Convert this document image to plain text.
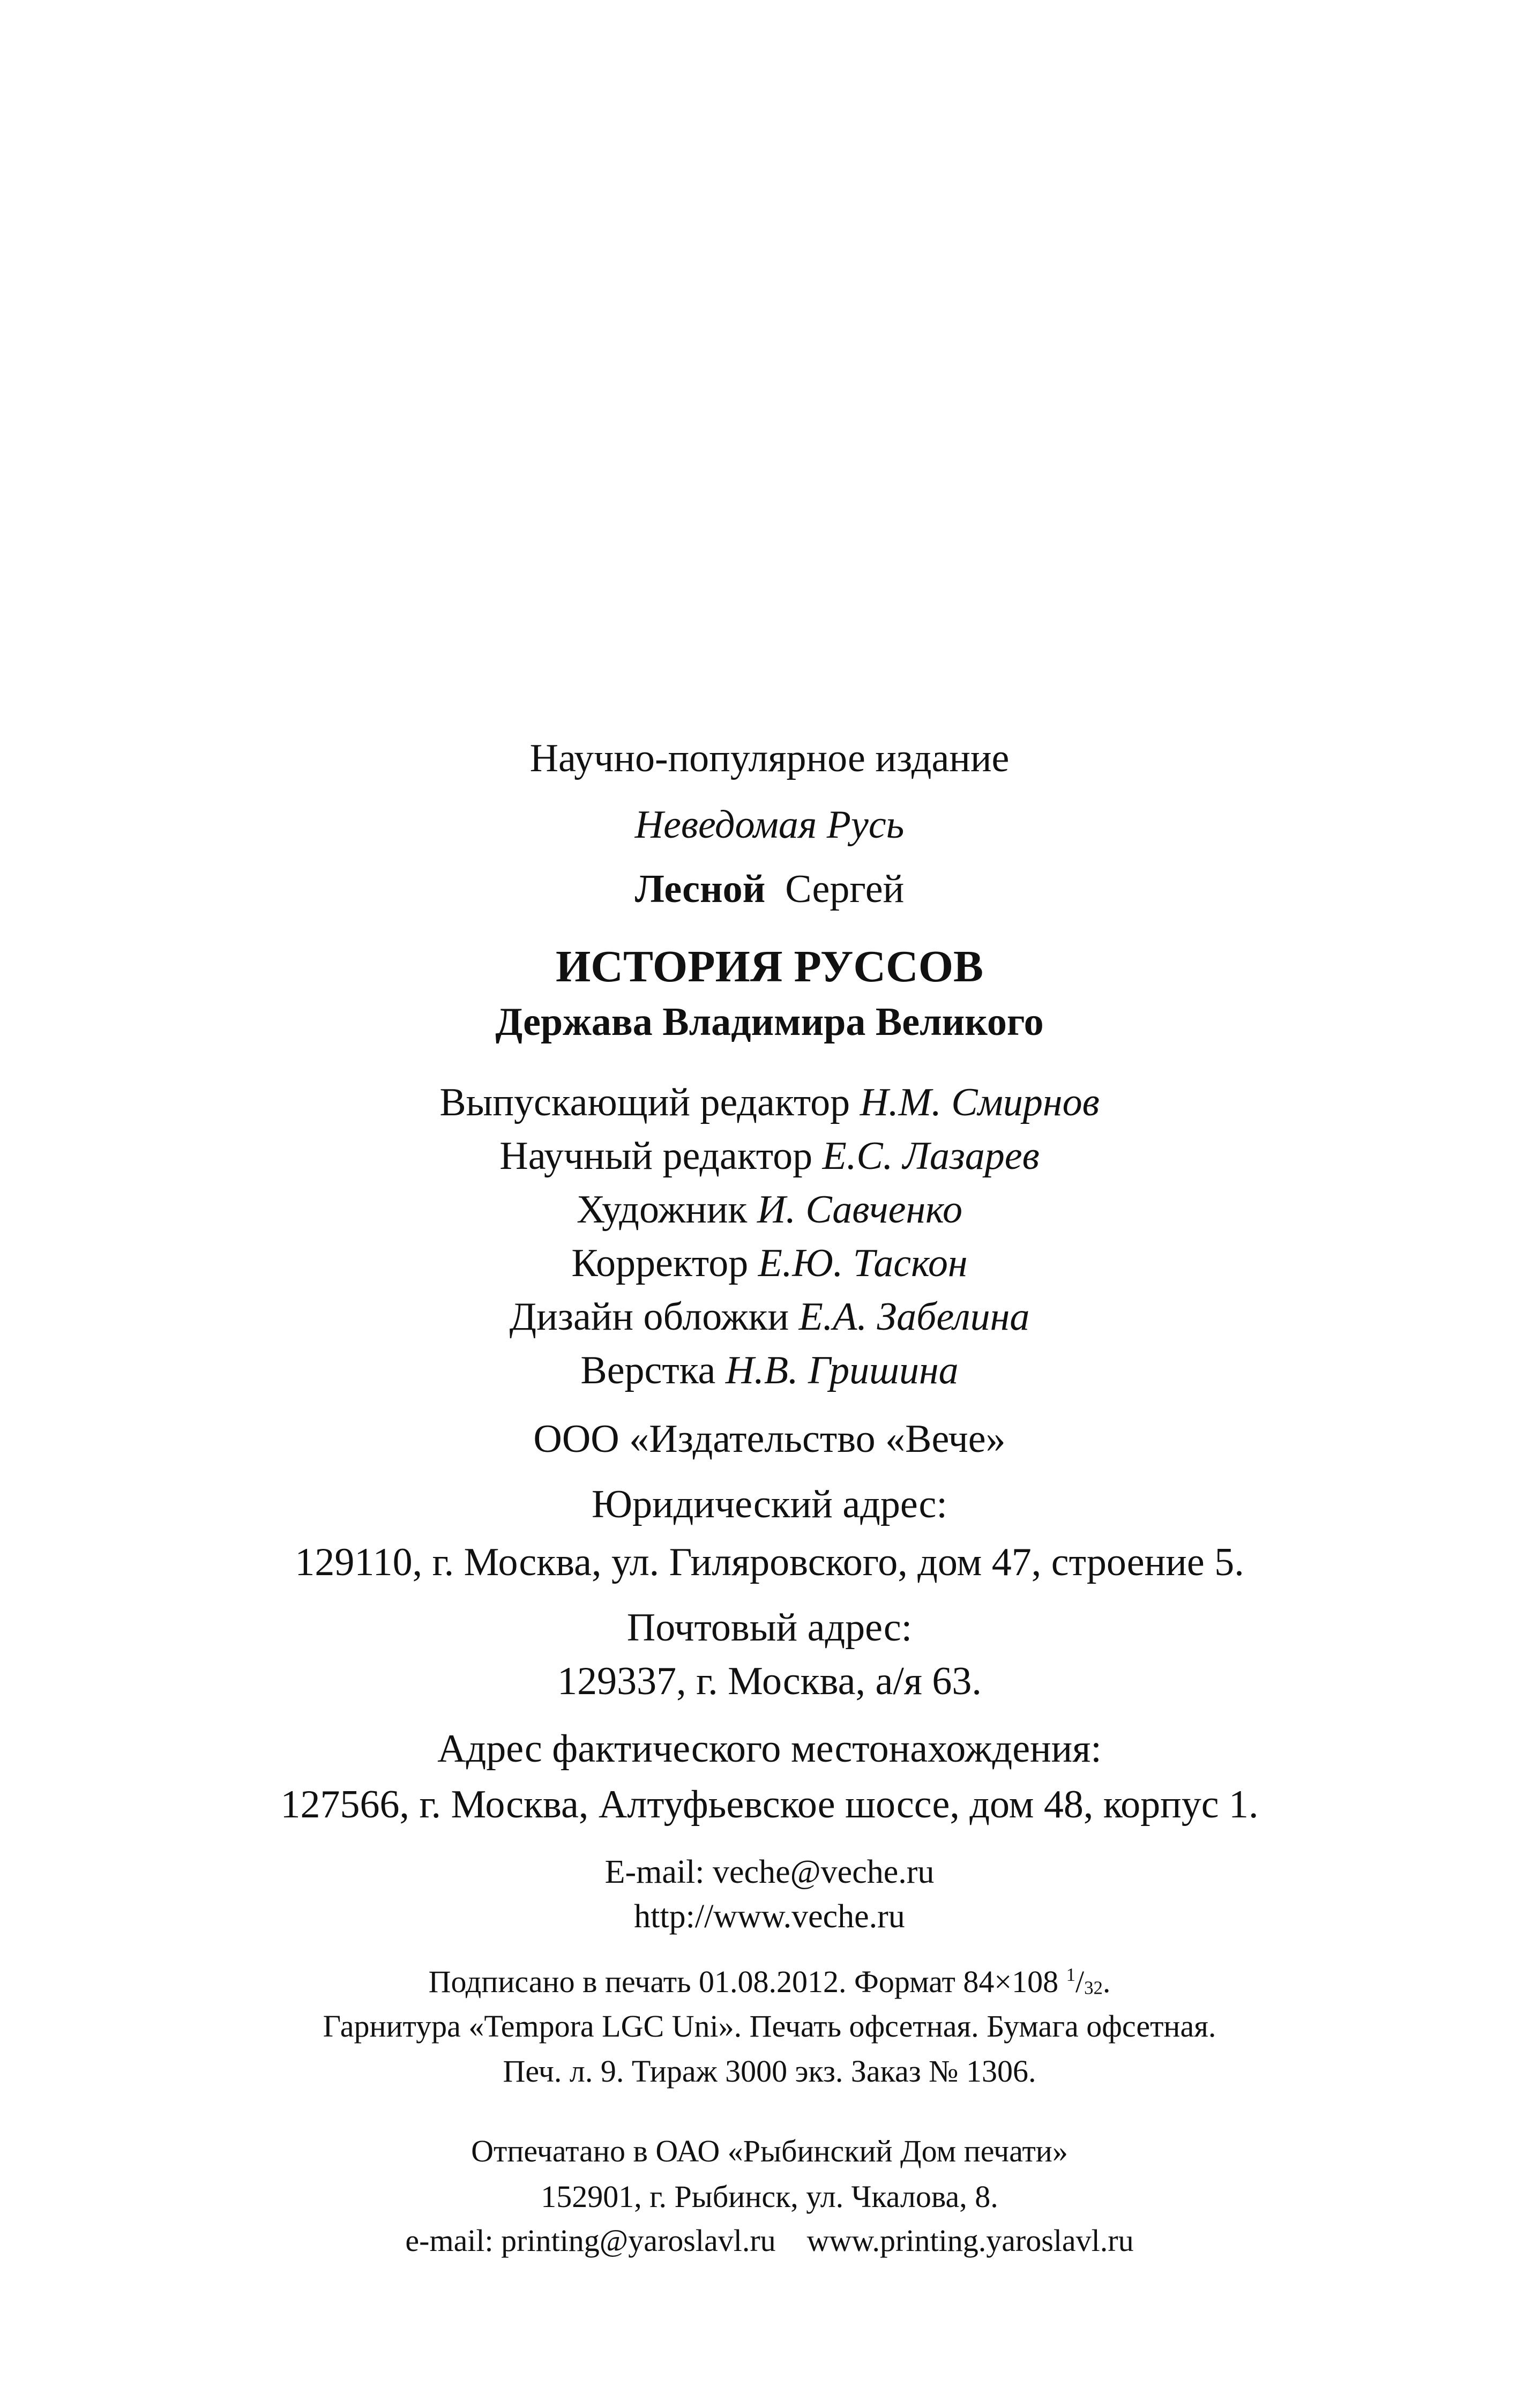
Научно-популярное издание
Неведомая Русь
Лесной Сергей
ИСТОРИЯ РУССОВ
Держава Владимира Великого
Выпускающий редактор Н.М. Смирнов
Научный редактор Е.С. Лазарев
Художник И. Савченко
Корректор Е.Ю. Таскон
Дизайн обложки Е.А. Забелина
Верстка Н.В. Гришина
ООО «Издательство «Вече»
Юридический адрес:
129110, г. Москва, ул. Гиляровского, дом 47, строение 5.
Почтовый адрес:
129337, г. Москва, а/я 63.
Адрес фактического местонахождения:
127566, г. Москва, Алтуфьевское шоссе, дом 48, корпус 1.
E-mail: veche@veche.ru
http://www.veche.ru
Подписано в печать 01.08.2012. Формат 84×108 $^1/_{32}$.
Гарнитура «Tempora LGC Uni». Печать офсетная. Бумага офсетная.
Печ. л. 9. Тираж 3000 экз. Заказ № 1306.
Отпечатано в ОАО «Рыбинский Дом печати»
152901, г. Рыбинск, ул. Чкалова, 8.
e-mail: printing@yaroslavl.ru www.printing.yaroslavl.ru
